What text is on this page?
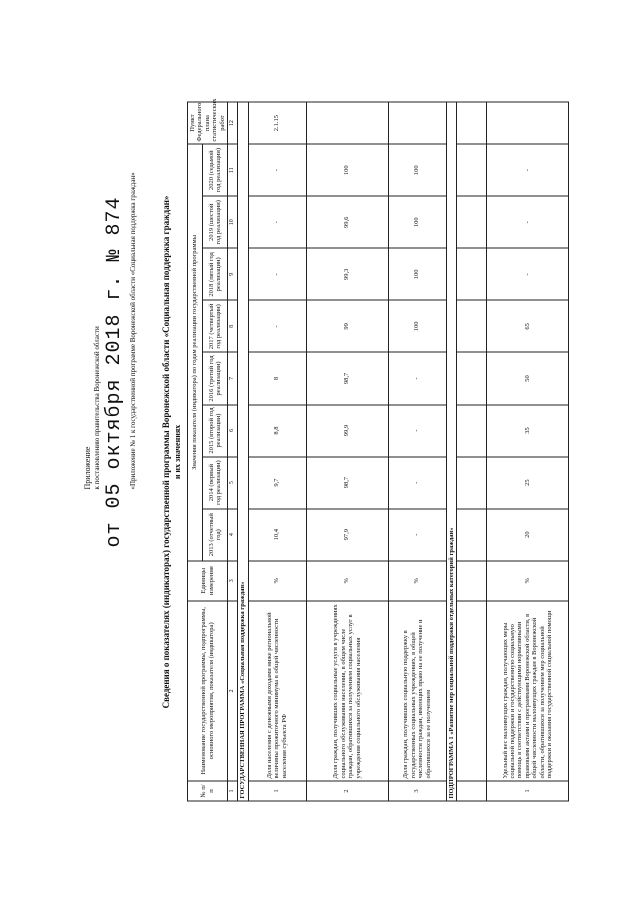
Приложение к постановлению правительства Воронежской области от 05 октября 2018 г. № 874 «Приложение № 1 к государственной программе Воронежской области «Социальная поддержка граждан»	Сведения о показателях (индикаторах) государственной программы Воронежской области «Социальная поддержка граждан» и их значениях
№ п/п	Наименование государственной программы, подпрограммы, основного мероприятия, показателя (индикатора)	Единицы измерения	Значения показателя (индикатора) по годам реализации государственной программы								Пункт Федерального плана статистических работ
			2013 (отчетный год)	2014 (первый год реализации)	2015 (второй год реализации)	2016 (третий год реализации)	2017 (четвертый год реализации)	2018 (пятый год реализации)	2019 (шестой год реализации)	2020 (седьмой год реализации)	
1	2	3	4	5	6	7	8	9	10	11	12
ГОСУДАРСТВЕННАЯ ПРОГРАММА «Социальная поддержка граждан»											
1	Доля населения с денежными доходами ниже региональной величины прожиточного минимума в общей численности населения субъекта РФ	%	10,4	9,7	8,8	8	-	-	-	-	2.1.15
2	Доля граждан, получивших социальные услуги в учреждениях социального обслуживания населения, в общем числе граждан, обратившихся за получением социальных услуг в учреждения социального обслуживания населения	%	97,9	98,7	99,9	98,7	99	99,3	99,6	100	
3	Доля граждан, получивших социальную поддержку в государственных социальных учреждениях, в общей численности граждан, имеющих право на ее получение и обратившихся за ее получением	%	-	-	-	-	100	100	100	100	
ПОДПРОГРАММА 1 «Развитие мер социальной поддержки отдельных категорий граждан»											

1	Удельный вес малоимущих граждан, получающих меры социальной поддержки и государственную социальную помощь в соответствии с действующими нормативными правовыми актами и программами Воронежской области, в общей численности малоимущих граждан в Воронежской области, обратившихся за получением мер социальной поддержки и оказания государственной социальной помощи	%	20	25	35	50	65	-	-	-	
